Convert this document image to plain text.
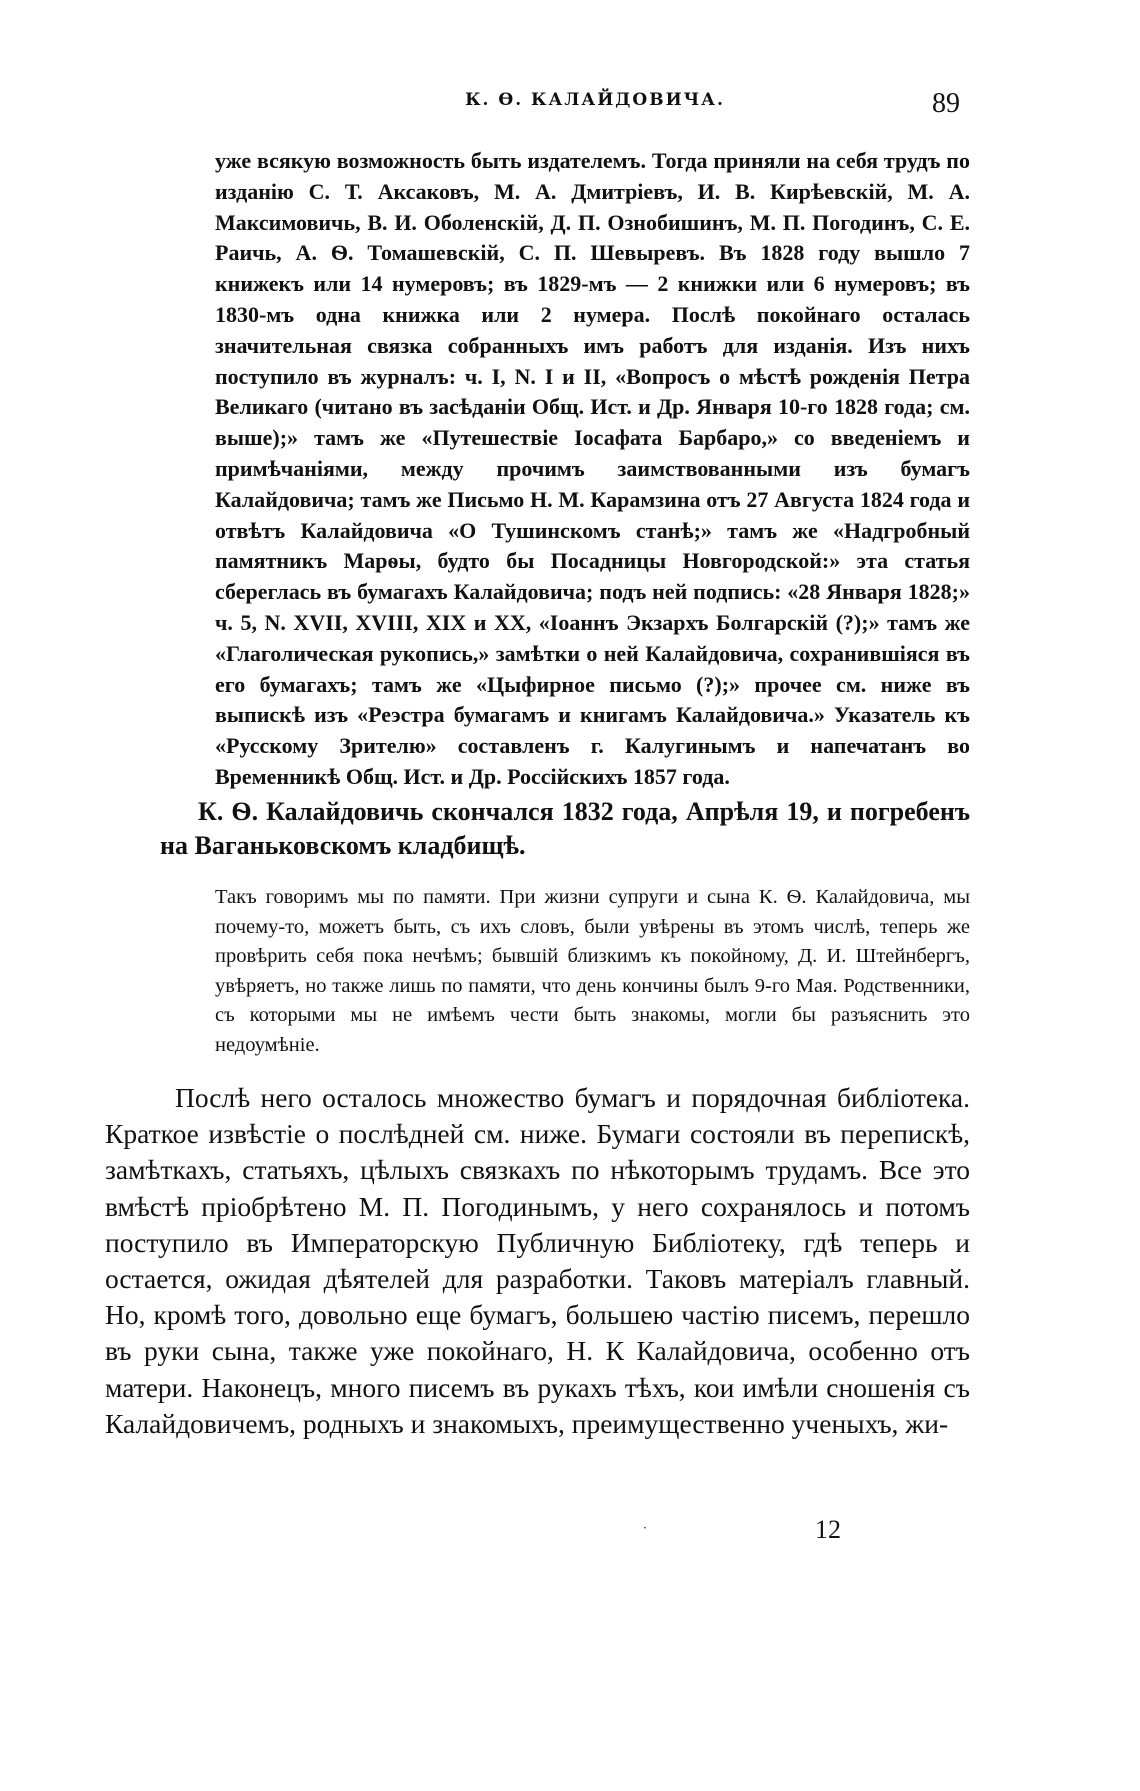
К. Ѳ. КАЛАЙДОВИЧА.	89
уже всякую возможность быть издателемъ. Тогда приняли на себя трудъ по изданію С. Т. Аксаковъ, М. А. Дмитріевъ, И. В. Кирѣевскій, М. А. Максимовичь, В. И. Оболенскій, Д. П. Ознобишинъ, М. П. Погодинъ, С. Е. Раичь, А. Ѳ. Томашевскій, С. П. Шевыревъ. Въ 1828 году вышло 7 книжекъ или 14 нумеровъ; въ 1829-мъ — 2 книжки или 6 нумеровъ; въ 1830-мъ одна книжка или 2 нумера. Послѣ покойнаго осталась значительная связка собранныхъ имъ работъ для изданія. Изъ нихъ поступило въ журналъ: ч. I, N. I и II, «Вопросъ о мѣстѣ рожденія Петра Великаго (читано въ засѣданіи Общ. Ист. и Др. Января 10-го 1828 года; см. выше);» тамъ же «Путешествіе Іосафата Барбаро,» со введеніемъ и примѣчаніями, между прочимъ заимствованными изъ бумагъ Калайдовича; тамъ же Письмо Н. М. Карамзина отъ 27 Августа 1824 года и отвѣтъ Калайдовича «О Тушинскомъ станѣ;» тамъ же «Надгробный памятникъ Марѳы, будто бы Посадницы Новгородской:» эта статья сбереглась въ бумагахъ Калайдовича; подъ ней подпись: «28 Января 1828;» ч. 5, N. XVII, XVIII, XIX и XX, «Іоаннъ Экзархъ Болгарскій (?);» тамъ же «Глаголическая рукопись,» замѣтки о ней Калайдовича, сохранившіяся въ его бумагахъ; тамъ же «Цыфирное письмо (?);» прочее см. ниже въ выпискѣ изъ «Реэстра бумагамъ и книгамъ Калайдовича.» Указатель къ «Русскому Зрителю» составленъ г. Калугинымъ и напечатанъ во Временникѣ Общ. Ист. и Др. Россійскихъ 1857 года.
К. Ѳ. Калайдовичь скончался 1832 года, Апрѣля 19, и погребенъ на Ваганьковскомъ кладбищѣ.
Такъ говоримъ мы по памяти. При жизни супруги и сына К. Ѳ. Калайдовича, мы почему-то, можетъ быть, съ ихъ словъ, были увѣрены въ этомъ числѣ, теперь же провѣрить себя пока нечѣмъ; бывшій близкимъ къ покойному, Д. И. Штейнбергъ, увѣряетъ, но также лишь по памяти, что день кончины былъ 9-го Мая. Родственники, съ которыми мы не имѣемъ чести быть знакомы, могли бы разъяснить это недоумѣніе.
Послѣ него осталось множество бумагъ и порядочная библіотека. Краткое извѣстіе о послѣдней см. ниже. Бумаги состояли въ перепискѣ, замѣткахъ, статьяхъ, цѣлыхъ связкахъ по нѣкоторымъ трудамъ. Все это вмѣстѣ пріобрѣтено М. П. Погодинымъ, у него сохранялось и потомъ поступило въ Императорскую Публичную Библіотеку, гдѣ теперь и остается, ожидая дѣятелей для разработки. Таковъ матеріалъ главный. Но, кромѣ того, довольно еще бумагъ, большею частію писемъ, перешло въ руки сына, также уже покойнаго, Н. К Калайдовича, особенно отъ матери. Наконецъ, много писемъ въ рукахъ тѣхъ, кои имѣли сношенія съ Калайдовичемъ, родныхъ и знакомыхъ, преимущественно ученыхъ, жи-
·	12
